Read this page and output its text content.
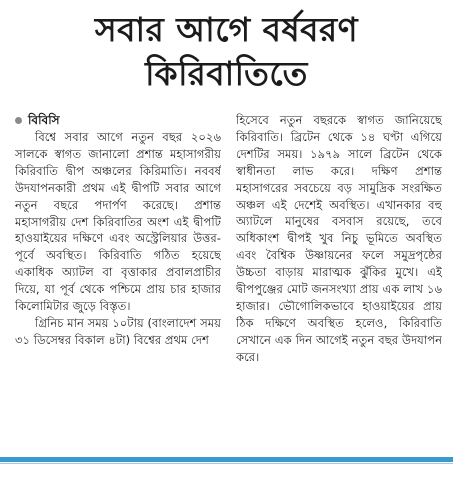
সবার আগে বর্ষবরণ
কিরিবাতিতে
বিবিসি

বিশ্বে সবার আগে নতুন বছর ২০২৬ সালকে স্বাগত জানালো প্রশান্ত মহাসাগরীয় কিরিবাতি দ্বীপ অঞ্চলের কিরিমাতি। নববর্ষ উদযাপনকারী প্রথম এই দ্বীপটি সবার আগে নতুন বছরে পদার্পণ করেছে। প্রশান্ত মহাসাগরীয় দেশ কিরিবাতির অংশ এই দ্বীপটি হাওয়াইয়ের দক্ষিণে এবং অস্ট্রেলিয়ার উত্তর-পূর্বে অবস্থিত। কিরিবাতি গঠিত হয়েছে একাধিক অ্যাটল বা বৃত্তাকার প্রবালপ্রাচীর দিয়ে, যা পূর্ব থেকে পশ্চিমে প্রায় চার হাজার কিলোমিটার জুড়ে বিস্তৃত।

গ্রিনিচ মান সময় ১০টায় (বাংলাদেশ সময় ৩১ ডিসেম্বর বিকাল ৪টা) বিশ্বের প্রথম দেশ

হিসেবে নতুন বছরকে স্বাগত জানিয়েছে কিরিবাতি। ব্রিটেন থেকে ১৪ ঘণ্টা এগিয়ে দেশটির সময়। ১৯৭৯ সালে ব্রিটেন থেকে স্বাধীনতা লাভ করে। দক্ষিণ প্রশান্ত মহাসাগরের সবচেয়ে বড় সামুদ্রিক সংরক্ষিত অঞ্চল এই দেশেই অবস্থিত। এখানকার বহু অ্যাটলে মানুষের বসবাস রয়েছে, তবে অধিকাংশ দ্বীপই খুব নিচু ভূমিতে অবস্থিত এবং বৈশ্বিক উষ্ণায়নের ফলে সমুদ্রপৃষ্ঠের উচ্চতা বাড়ায় মারাত্মক ঝুঁকির মুখে। এই দ্বীপপুঞ্জের মোট জনসংখ্যা প্রায় এক লাখ ১৬ হাজার। ভৌগোলিকভাবে হাওয়াইয়ের প্রায় ঠিক দক্ষিণে অবস্থিত হলেও, কিরিবাতি সেখানে এক দিন আগেই নতুন বছর উদযাপন করে।
